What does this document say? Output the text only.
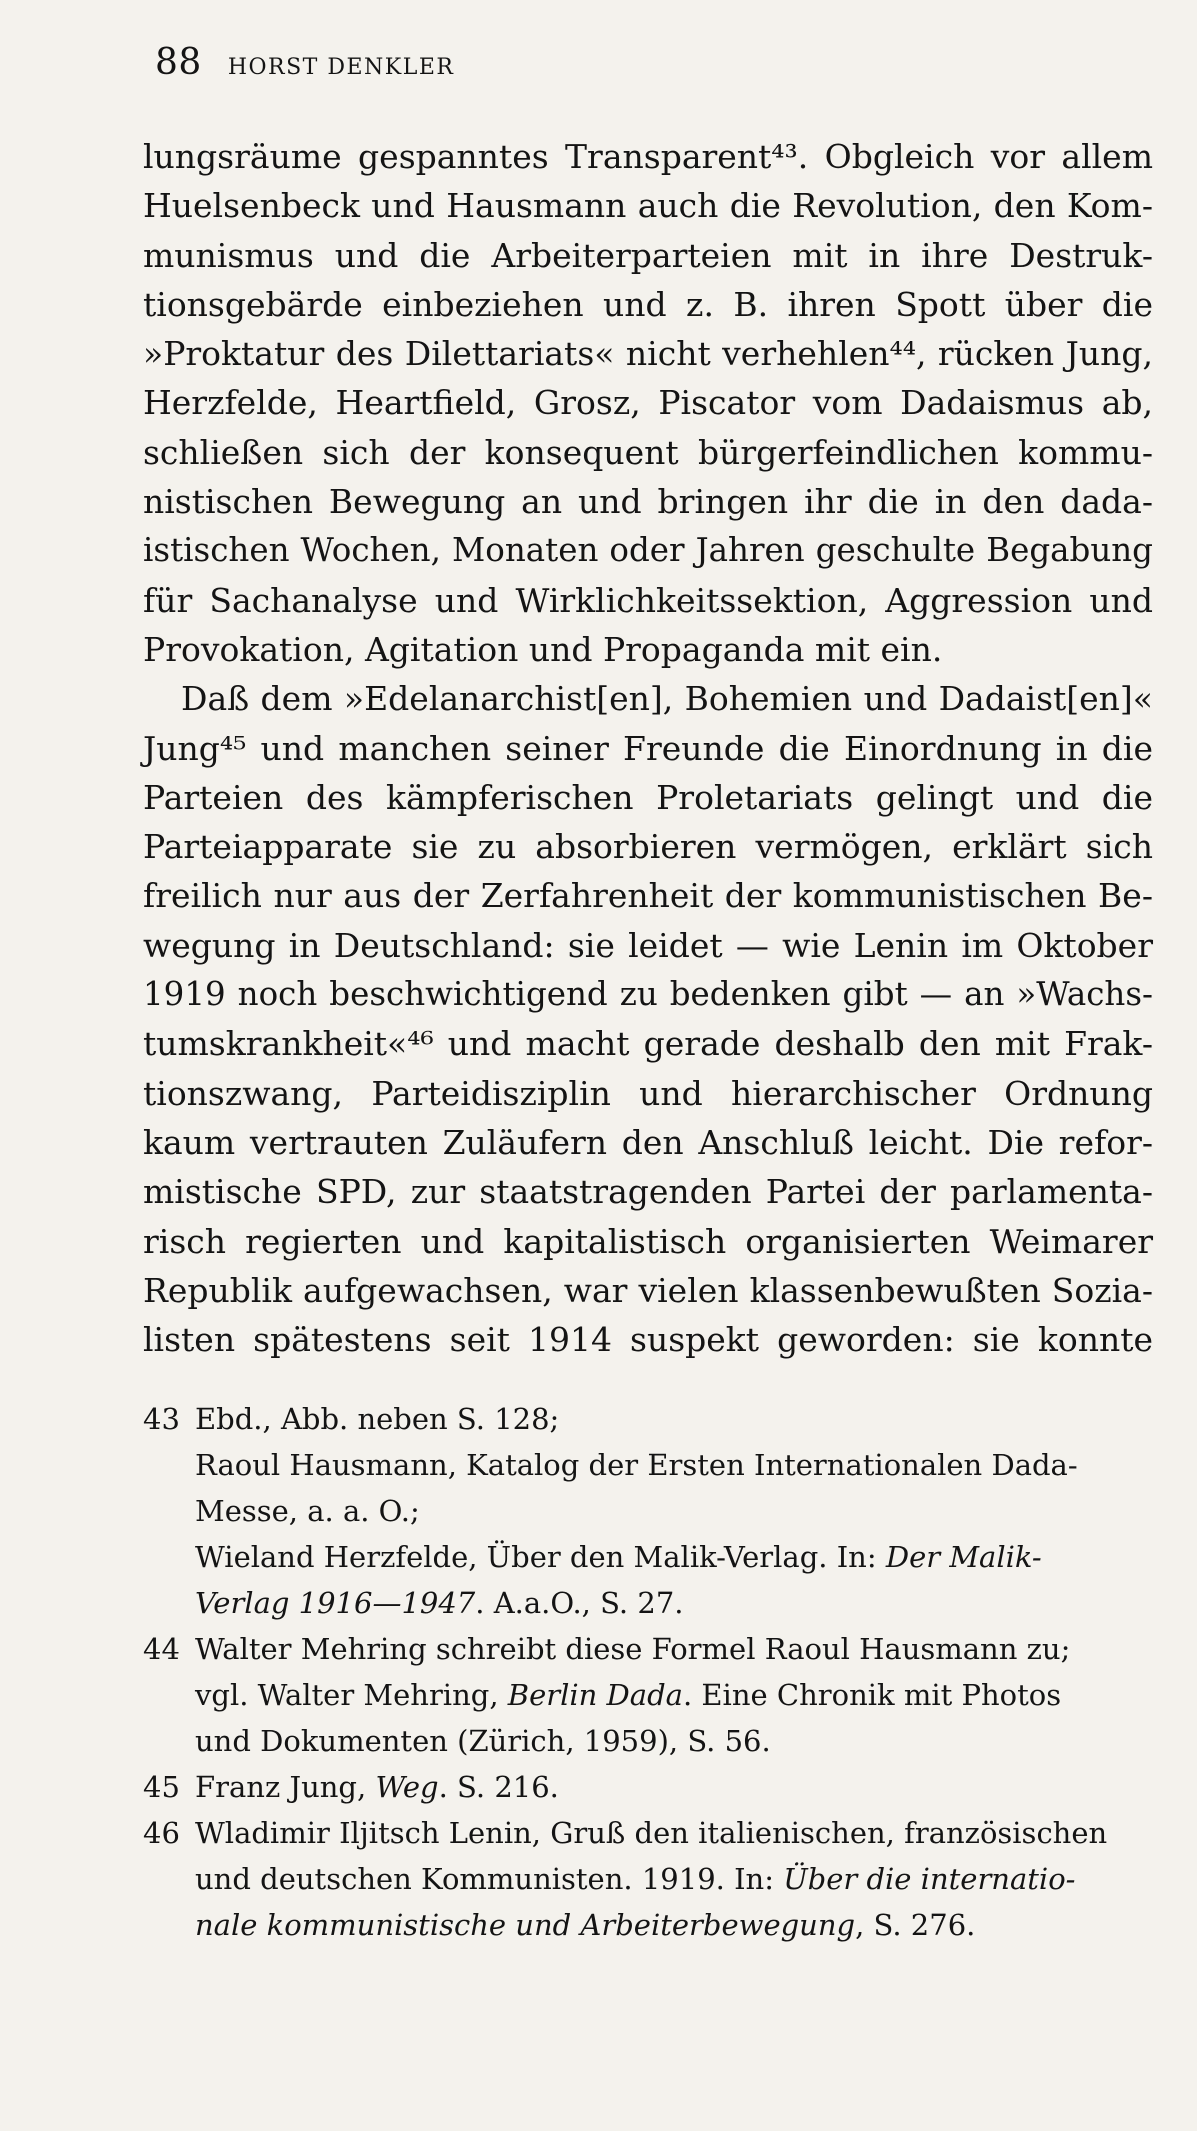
88 HORST DENKLER
lungsräume gespanntes Transparent⁴³. Obgleich vor allem
Huelsenbeck und Hausmann auch die Revolution, den Kom-
munismus und die Arbeiterparteien mit in ihre Destruk-
tionsgebärde einbeziehen und z. B. ihren Spott über die
»Proktatur des Dilettariats« nicht verhehlen⁴⁴, rücken Jung,
Herzfelde, Heartfield, Grosz, Piscator vom Dadaismus ab,
schließen sich der konsequent bürgerfeindlichen kommu-
nistischen Bewegung an und bringen ihr die in den dada-
istischen Wochen, Monaten oder Jahren geschulte Begabung
für Sachanalyse und Wirklichkeitssektion, Aggression und
Provokation, Agitation und Propaganda mit ein.
Daß dem »Edelanarchist[en], Bohemien und Dadaist[en]«
Jung⁴⁵ und manchen seiner Freunde die Einordnung in die
Parteien des kämpferischen Proletariats gelingt und die
Parteiapparate sie zu absorbieren vermögen, erklärt sich
freilich nur aus der Zerfahrenheit der kommunistischen Be-
wegung in Deutschland: sie leidet — wie Lenin im Oktober
1919 noch beschwichtigend zu bedenken gibt — an »Wachs-
tumskrankheit«⁴⁶ und macht gerade deshalb den mit Frak-
tionszwang, Parteidisziplin und hierarchischer Ordnung
kaum vertrauten Zuläufern den Anschluß leicht. Die refor-
mistische SPD, zur staatstragenden Partei der parlamenta-
risch regierten und kapitalistisch organisierten Weimarer
Republik aufgewachsen, war vielen klassenbewußten Sozia-
listen spätestens seit 1914 suspekt geworden: sie konnte
43 Ebd., Abb. neben S. 128;
Raoul Hausmann, Katalog der Ersten Internationalen Dada-
Messe, a. a. O.;
Wieland Herzfelde, Über den Malik-Verlag. In: Der Malik-
Verlag 1916—1947. A.a.O., S. 27.
44 Walter Mehring schreibt diese Formel Raoul Hausmann zu;
vgl. Walter Mehring, Berlin Dada. Eine Chronik mit Photos
und Dokumenten (Zürich, 1959), S. 56.
45 Franz Jung, Weg. S. 216.
46 Wladimir Iljitsch Lenin, Gruß den italienischen, französischen
und deutschen Kommunisten. 1919. In: Über die internatio-
nale kommunistische und Arbeiterbewegung, S. 276.
